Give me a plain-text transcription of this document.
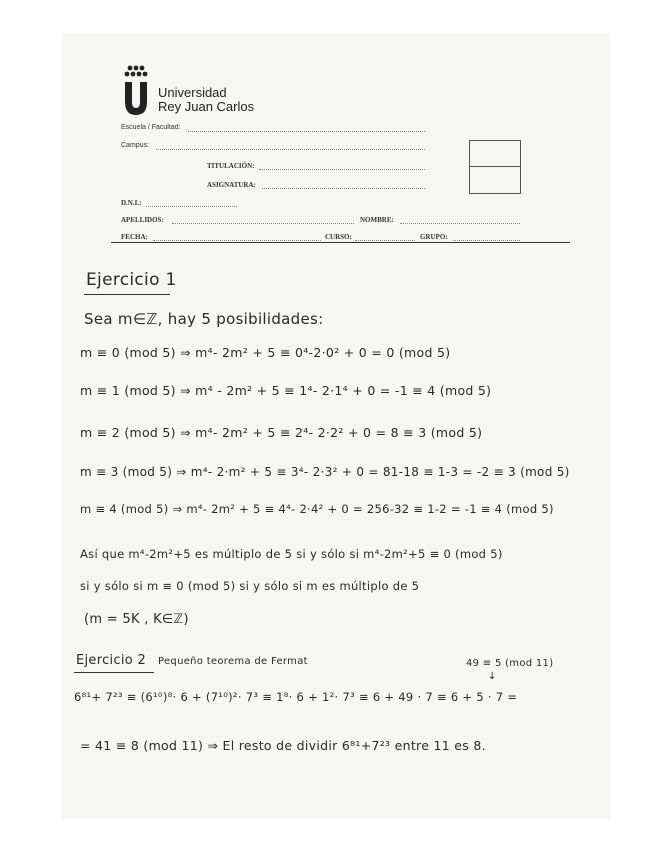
Universidad
Rey Juan Carlos
Escuela / Facultad:
Campus:
TITULACIÓN:
ASIGNATURA:
D.N.I.:
APELLIDOS:	NOMBRE:
FECHA:	CURSO:	GRUPO:
Ejercicio 1
Sea m∈ℤ, hay 5 posibilidades:
m ≡ 0 (mod 5) ⇒ m⁴- 2m² + 5 ≡ 0⁴-2·0² + 0 = 0 (mod 5)
m ≡ 1 (mod 5) ⇒ m⁴ - 2m² + 5 ≡ 1⁴- 2·1⁴ + 0 = -1 ≡ 4 (mod 5)
m ≡ 2 (mod 5) ⇒ m⁴- 2m² + 5 ≡ 2⁴- 2·2² + 0 = 8 ≡ 3 (mod 5)
m ≡ 3 (mod 5) ⇒ m⁴- 2·m² + 5 ≡ 3⁴- 2·3² + 0 = 81-18 ≡ 1-3 = -2 ≡ 3 (mod 5)
m ≡ 4 (mod 5) ⇒ m⁴- 2m² + 5 ≡ 4⁴- 2·4² + 0 = 256-32 ≡ 1-2 = -1 ≡ 4 (mod 5)
Así que m⁴-2m²+5 es múltiplo de 5 si y sólo si m⁴-2m²+5 ≡ 0 (mod 5)
si y sólo si m ≡ 0 (mod 5) si y sólo si m es múltiplo de 5
(m = 5K , K∈ℤ)
Ejercicio 2 Pequeño teorema de Fermat	49 ≡ 5 (mod 11)
↓
6⁸¹+ 7²³ ≡ (6¹⁰)⁸· 6 + (7¹⁰)²· 7³ ≡ 1⁸· 6 + 1²· 7³ ≡ 6 + 49 · 7 ≡ 6 + 5 · 7 =
= 41 ≡ 8 (mod 11) ⇒ El resto de dividir 6⁸¹+7²³ entre 11 es 8.
